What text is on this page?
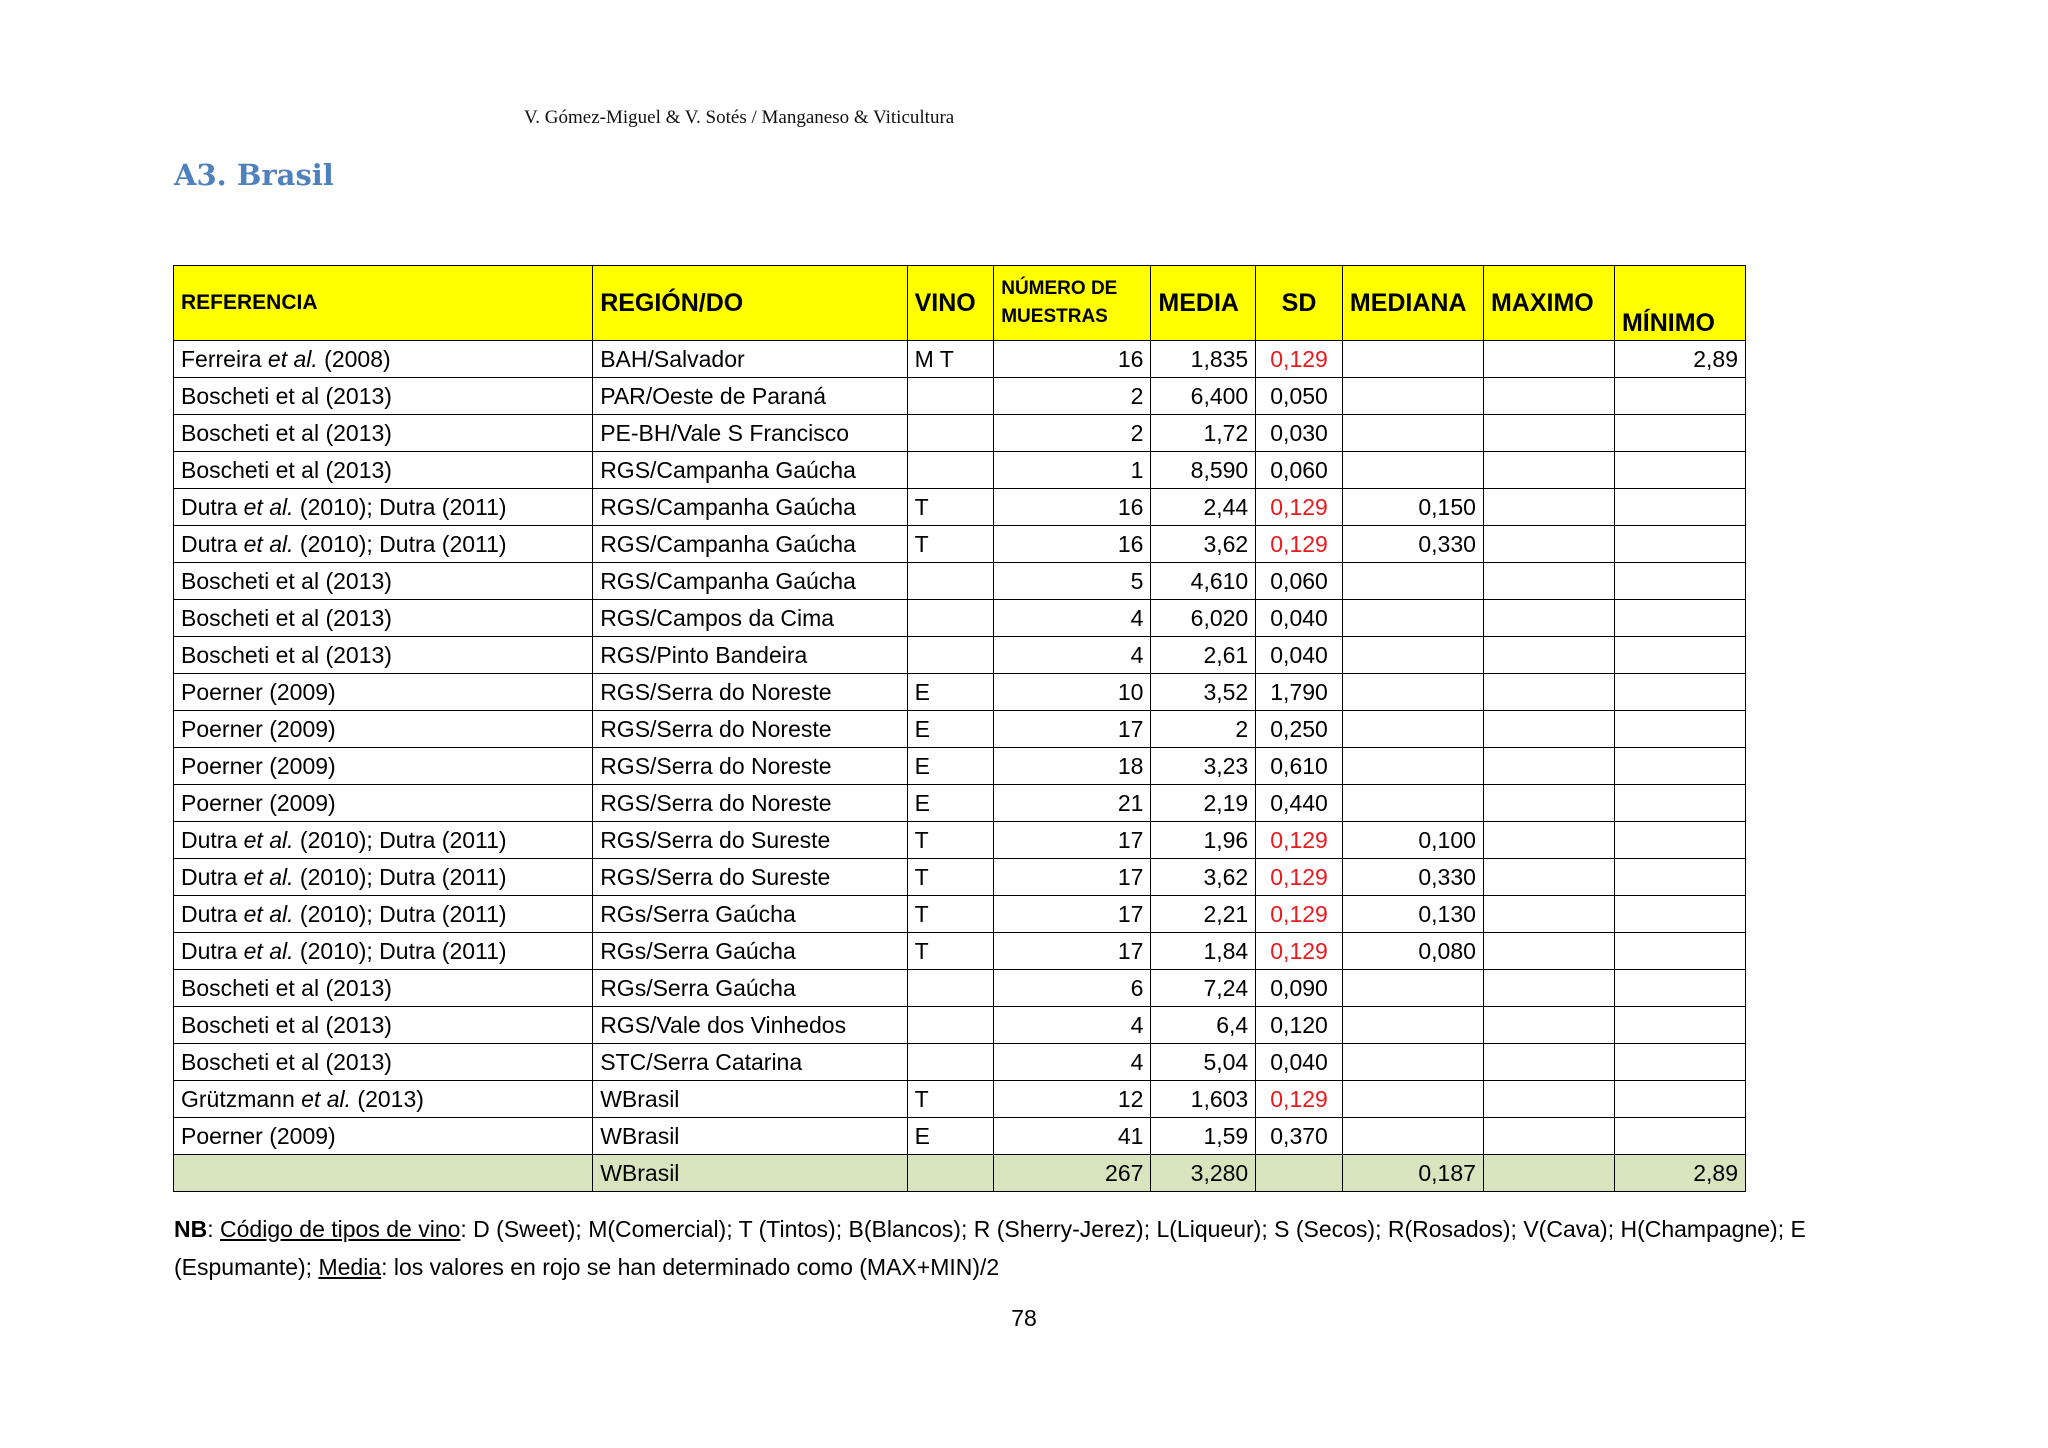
V. Gómez-Miguel & V. Sotés / Manganeso & Viticultura
A3. Brasil
REFERENCIA	REGIÓN/DO	VINO	NÚMERO DE MUESTRAS	MEDIA	SD	MEDIANA	MAXIMO	MÍNIMO
Ferreira et al. (2008)	BAH/Salvador	M T	16	1,835	0,129			2,89
Boscheti et al (2013)	PAR/Oeste de Paraná		2	6,400	0,050			
Boscheti et al (2013)	PE-BH/Vale S Francisco		2	1,72	0,030			
Boscheti et al (2013)	RGS/Campanha Gaúcha		1	8,590	0,060			
Dutra et al. (2010); Dutra (2011)	RGS/Campanha Gaúcha	T	16	2,44	0,129	0,150		
Dutra et al. (2010); Dutra (2011)	RGS/Campanha Gaúcha	T	16	3,62	0,129	0,330		
Boscheti et al (2013)	RGS/Campanha Gaúcha		5	4,610	0,060			
Boscheti et al (2013)	RGS/Campos da Cima		4	6,020	0,040			
Boscheti et al (2013)	RGS/Pinto Bandeira		4	2,61	0,040			
Poerner (2009)	RGS/Serra do Noreste	E	10	3,52	1,790			
Poerner (2009)	RGS/Serra do Noreste	E	17	2	0,250			
Poerner (2009)	RGS/Serra do Noreste	E	18	3,23	0,610			
Poerner (2009)	RGS/Serra do Noreste	E	21	2,19	0,440			
Dutra et al. (2010); Dutra (2011)	RGS/Serra do Sureste	T	17	1,96	0,129	0,100		
Dutra et al. (2010); Dutra (2011)	RGS/Serra do Sureste	T	17	3,62	0,129	0,330		
Dutra et al. (2010); Dutra (2011)	RGs/Serra Gaúcha	T	17	2,21	0,129	0,130		
Dutra et al. (2010); Dutra (2011)	RGs/Serra Gaúcha	T	17	1,84	0,129	0,080		
Boscheti et al (2013)	RGs/Serra Gaúcha		6	7,24	0,090			
Boscheti et al (2013)	RGS/Vale dos Vinhedos		4	6,4	0,120			
Boscheti et al (2013)	STC/Serra Catarina		4	5,04	0,040			
Grützmann et al. (2013)	WBrasil	T	12	1,603	0,129			
Poerner (2009)	WBrasil	E	41	1,59	0,370			
	WBrasil		267	3,280		0,187		2,89

NB: Código de tipos de vino: D (Sweet); M(Comercial); T (Tintos); B(Blancos); R (Sherry-Jerez); L(Liqueur); S (Secos); R(Rosados); V(Cava); H(Champagne); E (Espumante); Media: los valores en rojo se han determinado como (MAX+MIN)/2

78
